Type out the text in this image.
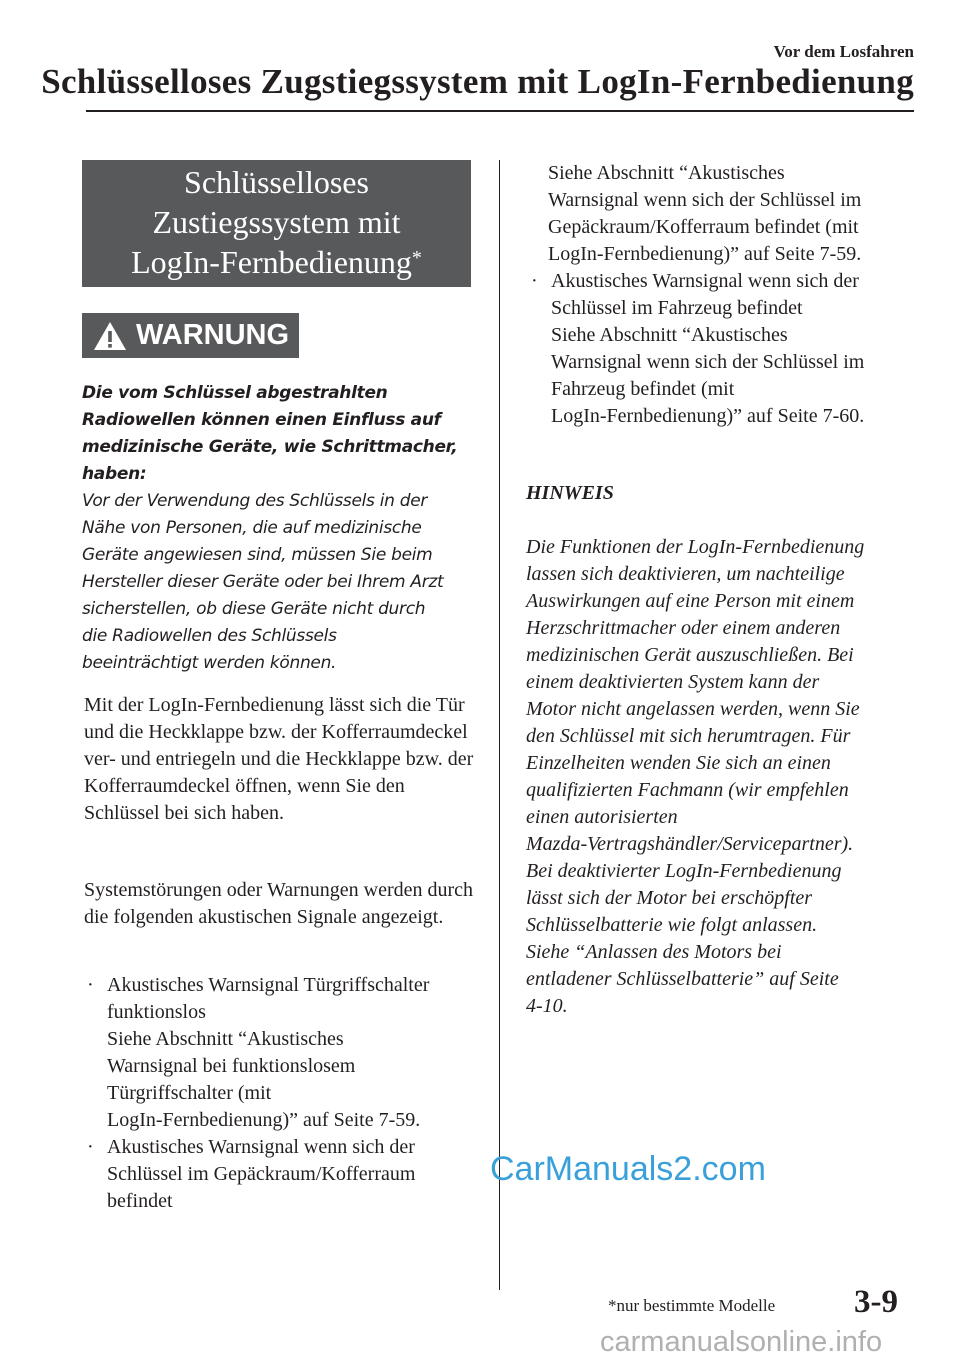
Vor dem Losfahren
Schlüsselloses Zugstiegssystem mit LogIn-Fernbedienung
Schlüsselloses
Zustiegssystem mit
LogIn-Fernbedienung*
WARNUNG
Die vom Schlüssel abgestrahlten
Radiowellen können einen Einfluss auf
medizinische Geräte, wie Schrittmacher,
haben:
Vor der Verwendung des Schlüssels in der
Nähe von Personen, die auf medizinische
Geräte angewiesen sind, müssen Sie beim
Hersteller dieser Geräte oder bei Ihrem Arzt
sicherstellen, ob diese Geräte nicht durch
die Radiowellen des Schlüssels
beeinträchtigt werden können.
Mit der LogIn-Fernbedienung lässt sich die Tür und die Heckklappe bzw. der Kofferraumdeckel ver- und entriegeln und die Heckklappe bzw. der Kofferraumdeckel öffnen, wenn Sie den Schlüssel bei sich haben.
Systemstörungen oder Warnungen werden durch die folgenden akustischen Signale angezeigt.
· Akustisches Warnsignal Türgriffschalter
funktionslos
Siehe Abschnitt “Akustisches
Warnsignal bei funktionslosem
Türgriffschalter (mit
LogIn-Fernbedienung)” auf Seite 7-59.
· Akustisches Warnsignal wenn sich der
Schlüssel im Gepäckraum/Kofferraum
befindet
Siehe Abschnitt “Akustisches
Warnsignal wenn sich der Schlüssel im
Gepäckraum/Kofferraum befindet (mit
LogIn-Fernbedienung)” auf Seite 7-59.
· Akustisches Warnsignal wenn sich der
Schlüssel im Fahrzeug befindet
Siehe Abschnitt “Akustisches
Warnsignal wenn sich der Schlüssel im
Fahrzeug befindet (mit
LogIn-Fernbedienung)” auf Seite 7-60.

HINWEIS

Die Funktionen der LogIn-Fernbedienung
lassen sich deaktivieren, um nachteilige
Auswirkungen auf eine Person mit einem
Herzschrittmacher oder einem anderen
medizinischen Gerät auszuschließen. Bei
einem deaktivierten System kann der
Motor nicht angelassen werden, wenn Sie
den Schlüssel mit sich herumtragen. Für
Einzelheiten wenden Sie sich an einen
qualifizierten Fachmann (wir empfehlen
einen autorisierten
Mazda-Vertragshändler/Servicepartner).
Bei deaktivierter LogIn-Fernbedienung
lässt sich der Motor bei erschöpfter
Schlüsselbatterie wie folgt anlassen.
Siehe “Anlassen des Motors bei
entladener Schlüsselbatterie” auf Seite
4-10.

CarManuals2.com
*nur bestimmte Modelle 3-9
carmanualsonline.info
